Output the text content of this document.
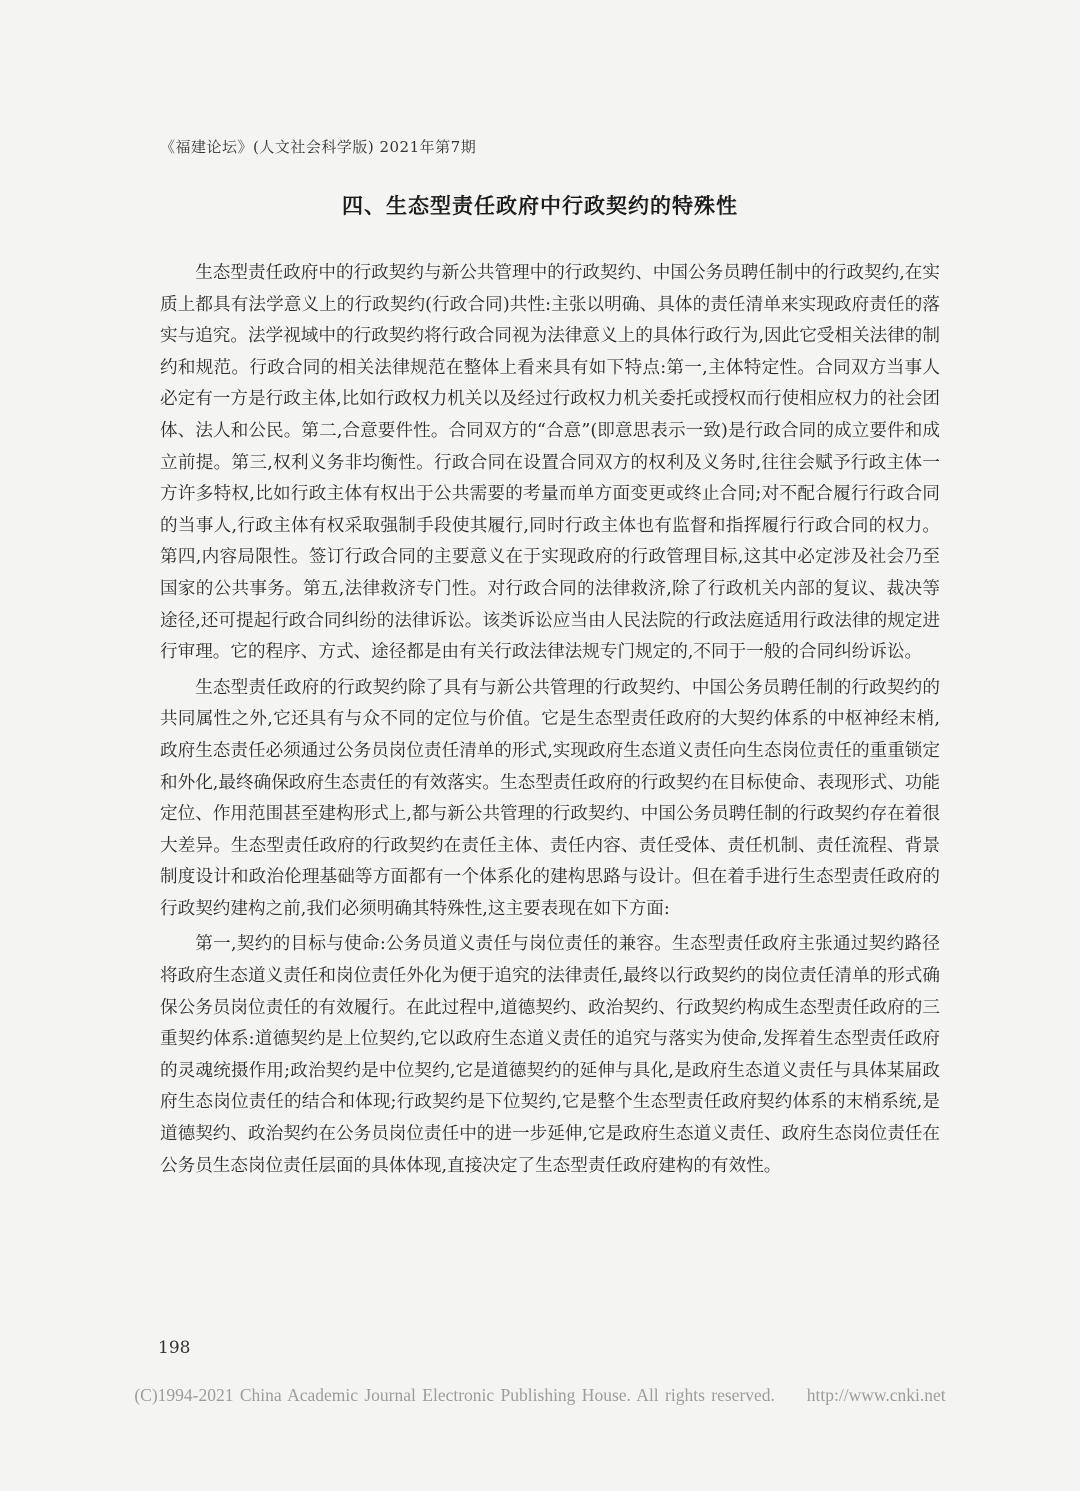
《福建论坛》(人文社会科学版) 2021年第7期
四、生态型责任政府中行政契约的特殊性

生态型责任政府中的行政契约与新公共管理中的行政契约、中国公务员聘任制中的行政契约,在实质上都具有法学意义上的行政契约(行政合同)共性:主张以明确、具体的责任清单来实现政府责任的落实与追究。法学视域中的行政契约将行政合同视为法律意义上的具体行政行为,因此它受相关法律的制约和规范。行政合同的相关法律规范在整体上看来具有如下特点:第一,主体特定性。合同双方当事人必定有一方是行政主体,比如行政权力机关以及经过行政权力机关委托或授权而行使相应权力的社会团体、法人和公民。第二,合意要件性。合同双方的“合意”(即意思表示一致)是行政合同的成立要件和成立前提。第三,权利义务非均衡性。行政合同在设置合同双方的权利及义务时,往往会赋予行政主体一方许多特权,比如行政主体有权出于公共需要的考量而单方面变更或终止合同;对不配合履行行政合同的当事人,行政主体有权采取强制手段使其履行,同时行政主体也有监督和指挥履行行政合同的权力。第四,内容局限性。签订行政合同的主要意义在于实现政府的行政管理目标,这其中必定涉及社会乃至国家的公共事务。第五,法律救济专门性。对行政合同的法律救济,除了行政机关内部的复议、裁决等途径,还可提起行政合同纠纷的法律诉讼。该类诉讼应当由人民法院的行政法庭适用行政法律的规定进行审理。它的程序、方式、途径都是由有关行政法律法规专门规定的,不同于一般的合同纠纷诉讼。

生态型责任政府的行政契约除了具有与新公共管理的行政契约、中国公务员聘任制的行政契约的共同属性之外,它还具有与众不同的定位与价值。它是生态型责任政府的大契约体系的中枢神经末梢,政府生态责任必须通过公务员岗位责任清单的形式,实现政府生态道义责任向生态岗位责任的重重锁定和外化,最终确保政府生态责任的有效落实。生态型责任政府的行政契约在目标使命、表现形式、功能定位、作用范围甚至建构形式上,都与新公共管理的行政契约、中国公务员聘任制的行政契约存在着很大差异。生态型责任政府的行政契约在责任主体、责任内容、责任受体、责任机制、责任流程、背景制度设计和政治伦理基础等方面都有一个体系化的建构思路与设计。但在着手进行生态型责任政府的行政契约建构之前,我们必须明确其特殊性,这主要表现在如下方面:

第一,契约的目标与使命:公务员道义责任与岗位责任的兼容。生态型责任政府主张通过契约路径将政府生态道义责任和岗位责任外化为便于追究的法律责任,最终以行政契约的岗位责任清单的形式确保公务员岗位责任的有效履行。在此过程中,道德契约、政治契约、行政契约构成生态型责任政府的三重契约体系:道德契约是上位契约,它以政府生态道义责任的追究与落实为使命,发挥着生态型责任政府的灵魂统摄作用;政治契约是中位契约,它是道德契约的延伸与具化,是政府生态道义责任与具体某届政府生态岗位责任的结合和体现;行政契约是下位契约,它是整个生态型责任政府契约体系的末梢系统,是道德契约、政治契约在公务员岗位责任中的进一步延伸,它是政府生态道义责任、政府生态岗位责任在公务员生态岗位责任层面的具体体现,直接决定了生态型责任政府建构的有效性。

198
(C)1994-2021 China Academic Journal Electronic Publishing House. All rights reserved. http://www.cnki.net
